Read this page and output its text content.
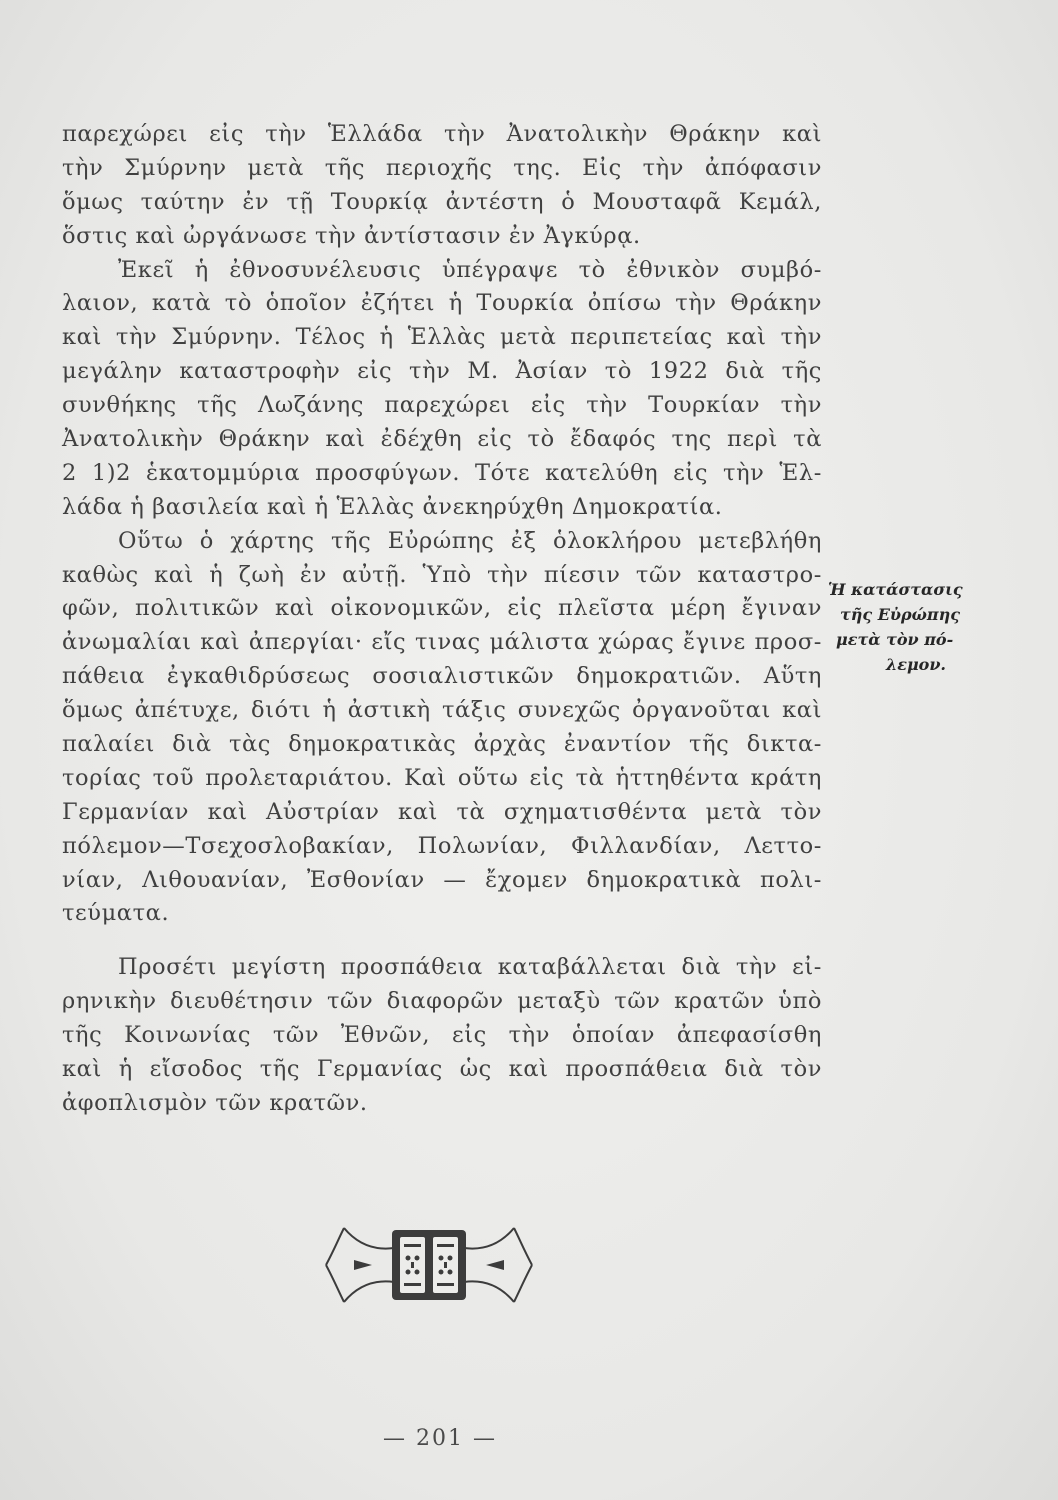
παρεχώρει εἰς τὴν Ἑλλάδα τὴν Ἀνατολικὴν Θράκην καὶ
τὴν Σμύρνην μετὰ τῆς περιοχῆς της. Εἰς τὴν ἀπόφασιν
ὅμως ταύτην ἐν τῇ Τουρκίᾳ ἀντέστη ὁ Μουσταφᾶ Κεμάλ,
ὅστις καὶ ὠργάνωσε τὴν ἀντίστασιν ἐν Ἀγκύρᾳ.
Ἐκεῖ ἡ ἐθνοσυνέλευσις ὑπέγραψε τὸ ἐθνικὸν συμβό-
λαιον, κατὰ τὸ ὁποῖον ἐζήτει ἡ Τουρκία ὀπίσω τὴν Θράκην
καὶ τὴν Σμύρνην. Τέλος ἡ Ἑλλὰς μετὰ περιπετείας καὶ τὴν
μεγάλην καταστροφὴν εἰς τὴν Μ. Ἀσίαν τὸ 1922 διὰ τῆς
συνθήκης τῆς Λωζάνης παρεχώρει εἰς τὴν Τουρκίαν τὴν
Ἀνατολικὴν Θράκην καὶ ἐδέχθη εἰς τὸ ἔδαφός της περὶ τὰ
2 1)2 ἑκατομμύρια προσφύγων. Τότε κατελύθη εἰς τὴν Ἑλ-
λάδα ἡ βασιλεία καὶ ἡ Ἑλλὰς ἀνεκηρύχθη Δημοκρατία.
Οὕτω ὁ χάρτης τῆς Εὐρώπης ἐξ ὁλοκλήρου μετεβλήθη
καθὼς καὶ ἡ ζωὴ ἐν αὐτῇ. Ὑπὸ τὴν πίεσιν τῶν καταστρο-
φῶν, πολιτικῶν καὶ οἰκονομικῶν, εἰς πλεῖστα μέρη ἔγιναν
ἀνωμαλίαι καὶ ἀπεργίαι· εἴς τινας μάλιστα χώρας ἔγινε προσ-
πάθεια ἐγκαθιδρύσεως σοσιαλιστικῶν δημοκρατιῶν. Αὕτη
ὅμως ἀπέτυχε, διότι ἡ ἀστικὴ τάξις συνεχῶς ὀργανοῦται καὶ
παλαίει διὰ τὰς δημοκρατικὰς ἀρχὰς ἐναντίον τῆς δικτα-
τορίας τοῦ προλεταριάτου. Καὶ οὕτω εἰς τὰ ἡττηθέντα κράτη
Γερμανίαν καὶ Αὐστρίαν καὶ τὰ σχηματισθέντα μετὰ τὸν
πόλεμον—Τσεχοσλοβακίαν, Πολωνίαν, Φιλλανδίαν, Λεττο-
νίαν, Λιθουανίαν, Ἐσθονίαν — ἔχομεν δημοκρατικὰ πολι-
τεύματα.
Προσέτι μεγίστη προσπάθεια καταβάλλεται διὰ τὴν εἰ-
ρηνικὴν διευθέτησιν τῶν διαφορῶν μεταξὺ τῶν κρατῶν ὑπὸ
τῆς Κοινωνίας τῶν Ἐθνῶν, εἰς τὴν ὁποίαν ἀπεφασίσθη
καὶ ἡ εἴσοδος τῆς Γερμανίας ὡς καὶ προσπάθεια διὰ τὸν
ἀφοπλισμὸν τῶν κρατῶν.
Ἡ κατάστασις
τῆς Εὐρώπης
μετὰ τὸν πό-
λεμον.
— 201 —
